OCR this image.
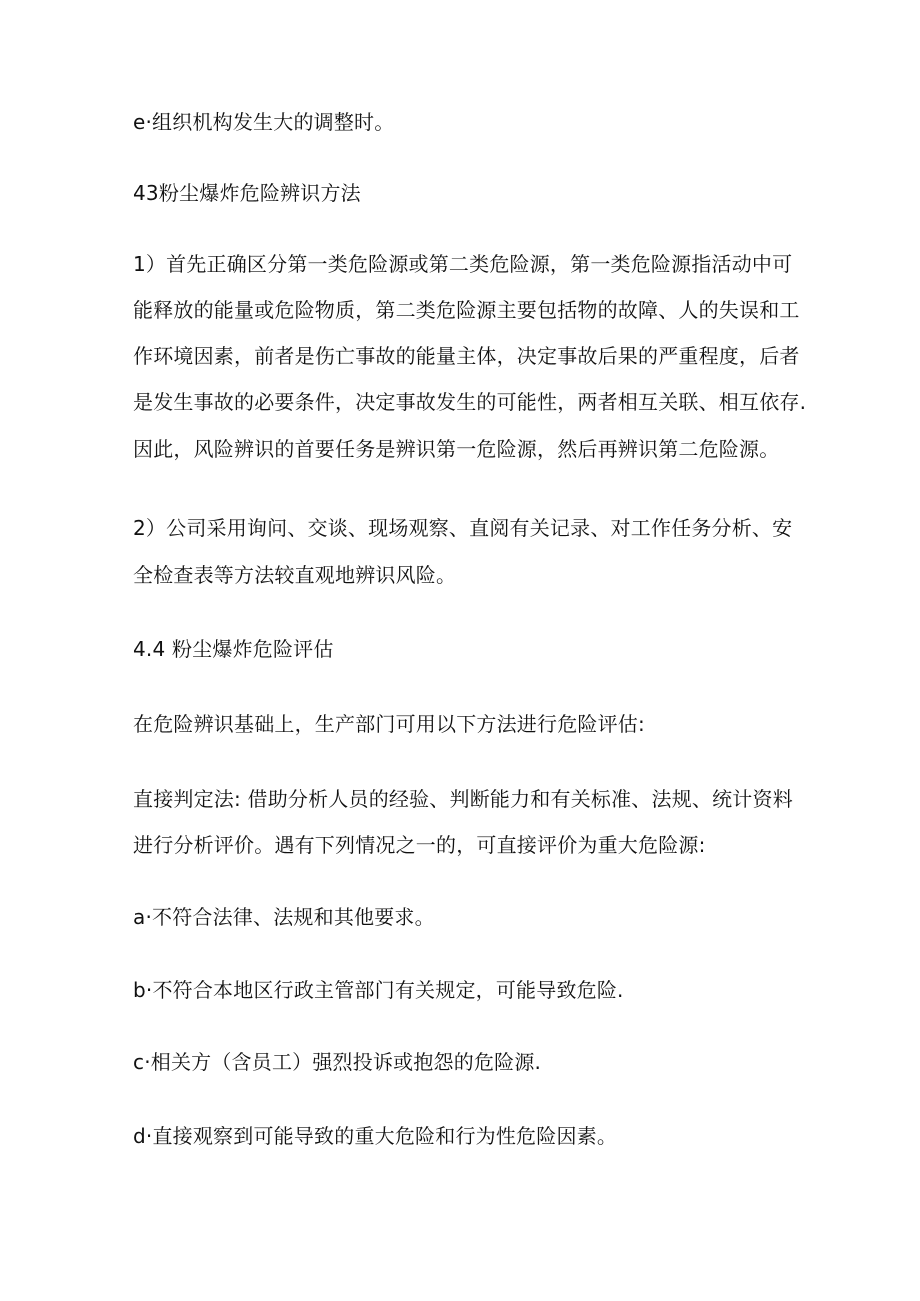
e·组织机构发生大的调整时。

43粉尘爆炸危险辨识方法

1）首先正确区分第一类危险源或第二类危险源，第一类危险源指活动中可

能释放的能量或危险物质，第二类危险源主要包括物的故障、人的失误和工

作环境因素，前者是伤亡事故的能量主体，决定事故后果的严重程度，后者

是发生事故的必要条件，决定事故发生的可能性，两者相互关联、相互依存.

因此，风险辨识的首要任务是辨识第一危险源，然后再辨识第二危险源。

2）公司采用询问、交谈、现场观察、直阅有关记录、对工作任务分析、安

全检查表等方法较直观地辨识风险。

4.4 粉尘爆炸危险评估

在危险辨识基础上，生产部门可用以下方法进行危险评估:

直接判定法: 借助分析人员的经验、判断能力和有关标准、法规、统计资料

进行分析评价。遇有下列情况之一的，可直接评价为重大危险源:

a·不符合法律、法规和其他要求。

b·不符合本地区行政主管部门有关规定，可能导致危险.

c·相关方（含员工）强烈投诉或抱怨的危险源.

d·直接观察到可能导致的重大危险和行为性危险因素。
